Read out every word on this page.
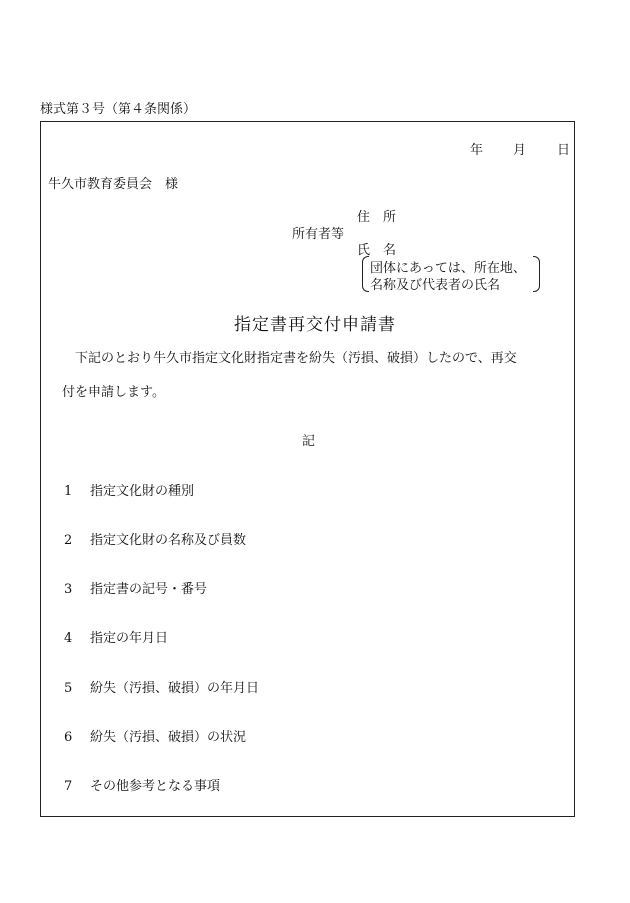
様式第３号（第４条関係）
年 月 日
牛久市教育委員会　様
住　所
所有者等
氏　名
団体にあっては、所在地、
名称及び代表者の氏名
指定書再交付申請書
下記のとおり牛久市指定文化財指定書を紛失（汚損、破損）したので、再交
付を申請します。
記
1 指定文化財の種別
2 指定文化財の名称及び員数
3 指定書の記号・番号
4 指定の年月日
5 紛失（汚損、破損）の年月日
6 紛失（汚損、破損）の状況
7 その他参考となる事項
